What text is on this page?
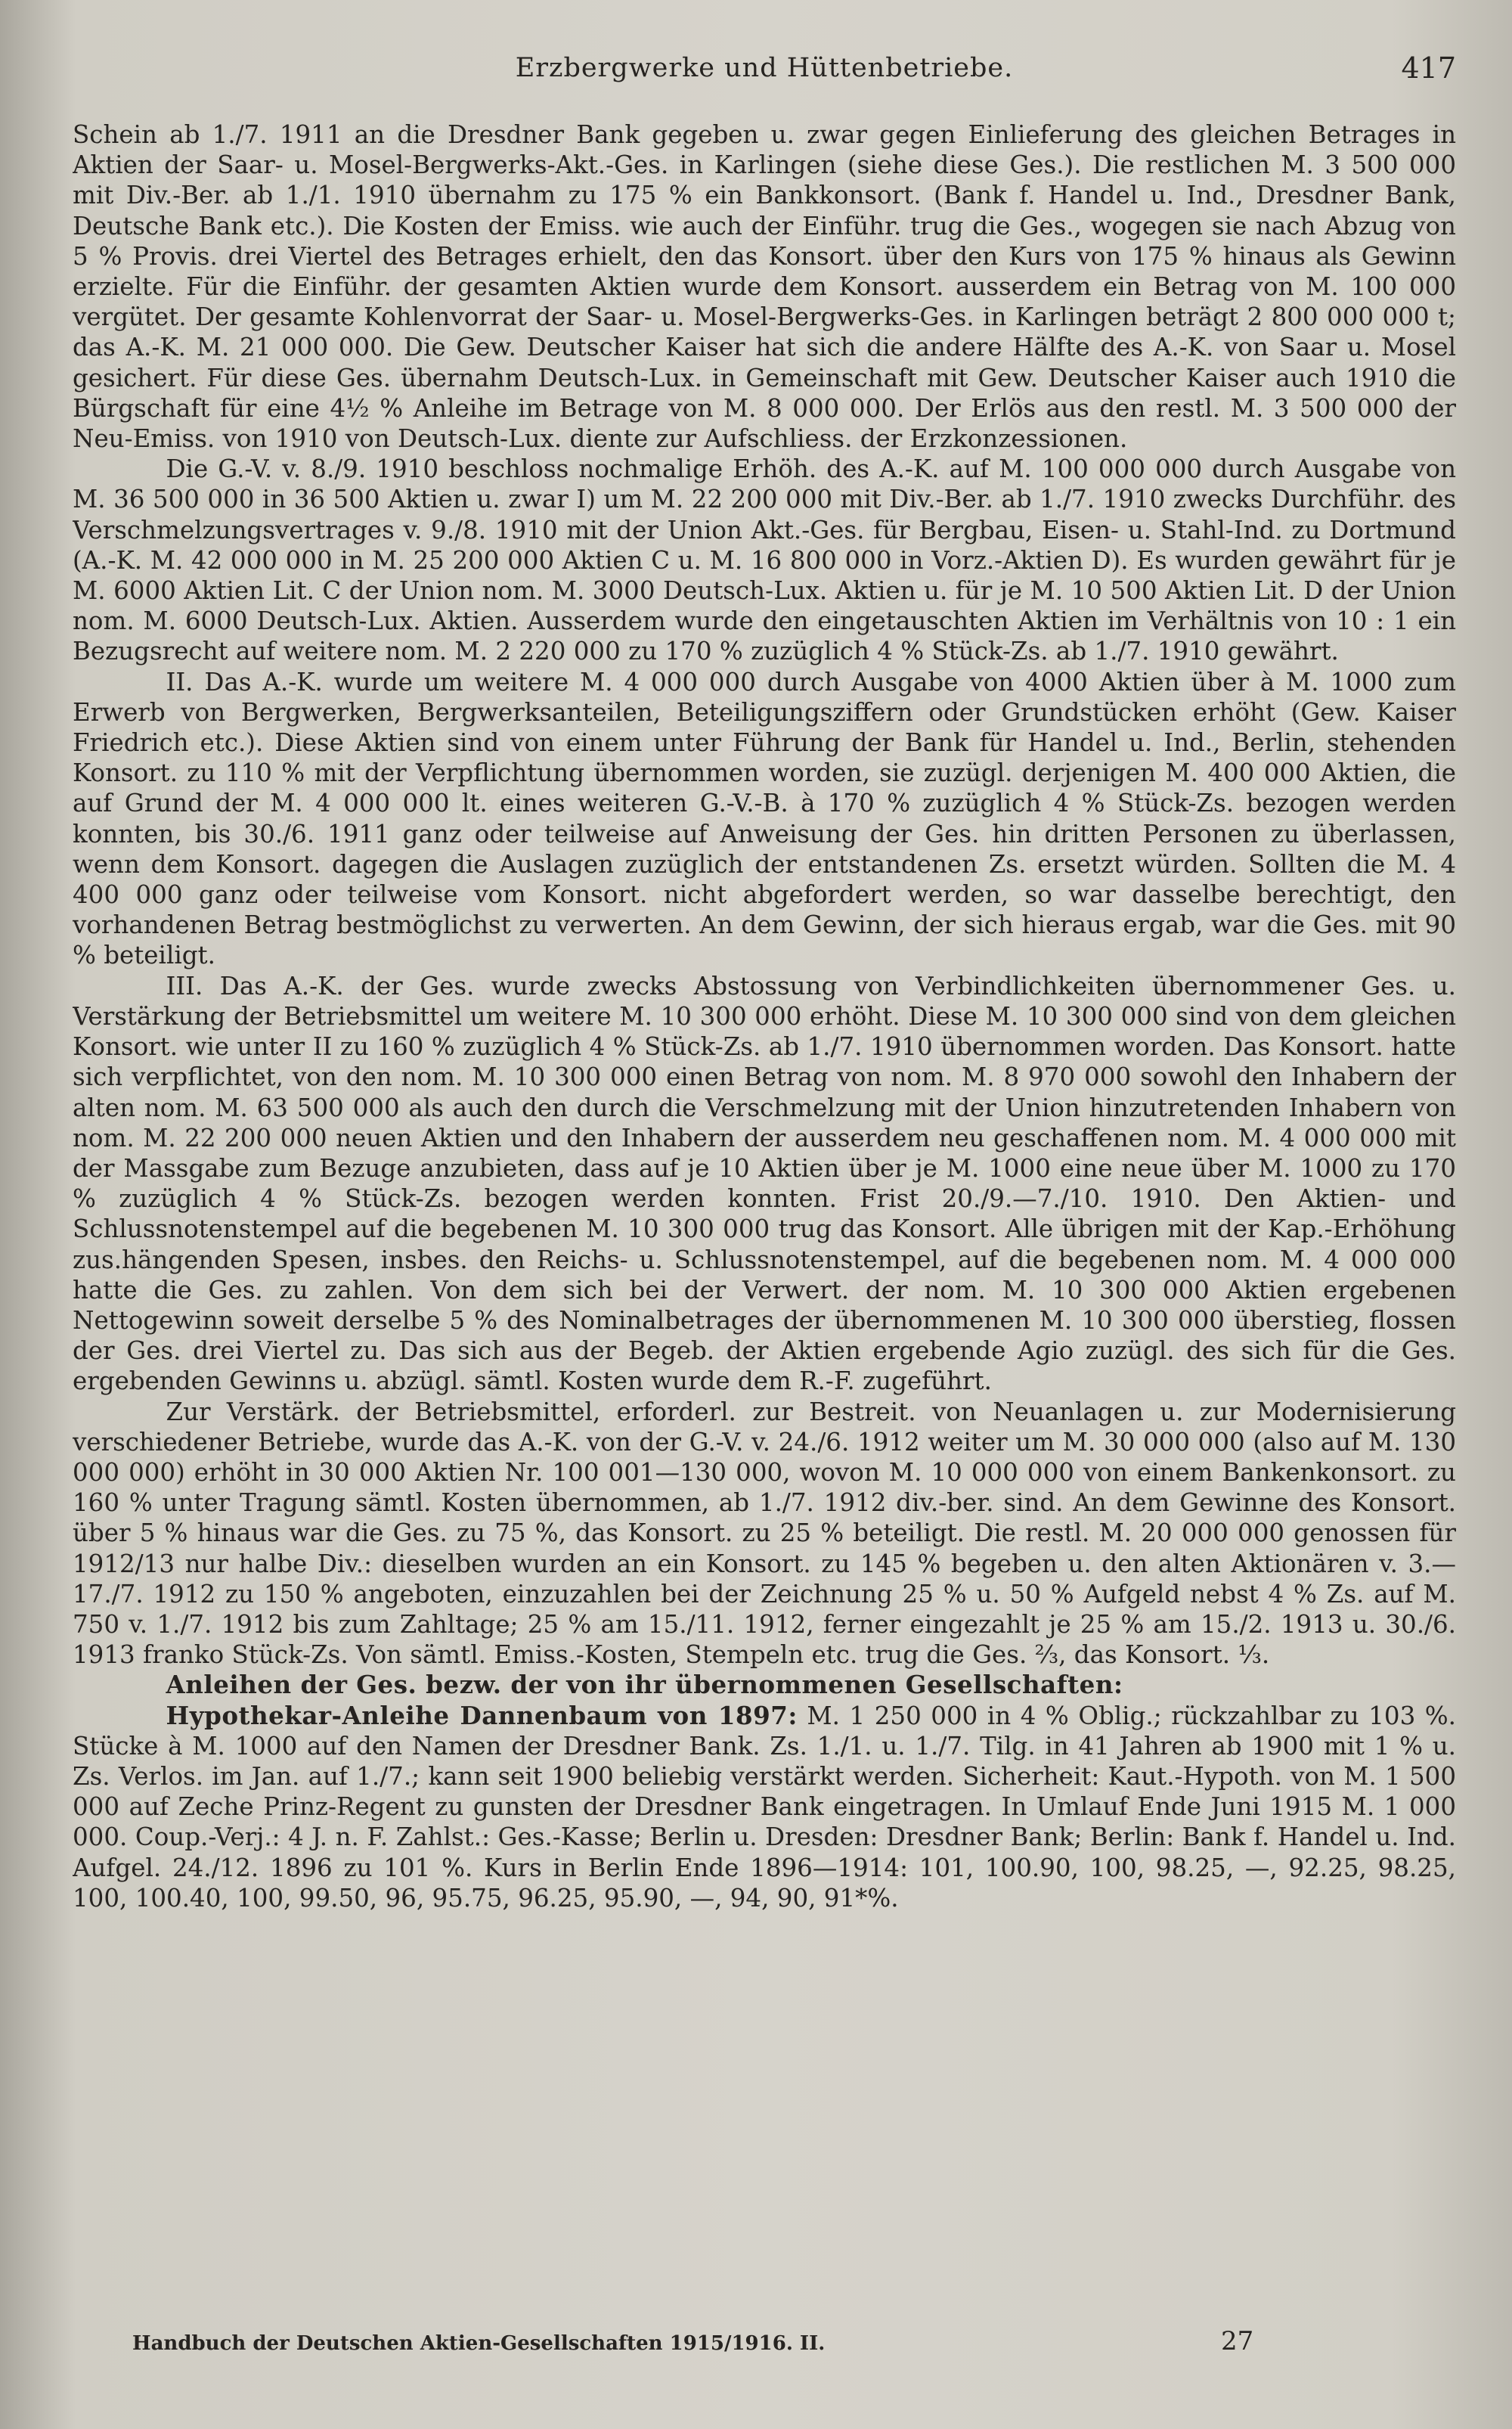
Erzbergwerke und Hüttenbetriebe.	417

Schein ab 1./7. 1911 an die Dresdner Bank gegeben u. zwar gegen Einlieferung des gleichen Betrages in Aktien der Saar- u. Mosel-Bergwerks-Akt.-Ges. in Karlingen (siehe diese Ges.). Die restlichen M. 3 500 000 mit Div.-Ber. ab 1./1. 1910 übernahm zu 175 % ein Bankkonsort. (Bank f. Handel u. Ind., Dresdner Bank, Deutsche Bank etc.). Die Kosten der Emiss. wie auch der Einführ. trug die Ges., wogegen sie nach Abzug von 5 % Provis. drei Viertel des Betrages erhielt, den das Konsort. über den Kurs von 175 % hinaus als Gewinn erzielte. Für die Einführ. der gesamten Aktien wurde dem Konsort. ausserdem ein Betrag von M. 100 000 vergütet. Der gesamte Kohlenvorrat der Saar- u. Mosel-Bergwerks-Ges. in Karlingen beträgt 2 800 000 000 t; das A.-K. M. 21 000 000. Die Gew. Deutscher Kaiser hat sich die andere Hälfte des A.-K. von Saar u. Mosel gesichert. Für diese Ges. übernahm Deutsch-Lux. in Gemeinschaft mit Gew. Deutscher Kaiser auch 1910 die Bürgschaft für eine 4½ % Anleihe im Betrage von M. 8 000 000. Der Erlös aus den restl. M. 3 500 000 der Neu-Emiss. von 1910 von Deutsch-Lux. diente zur Aufschliess. der Erzkonzessionen.

Die G.-V. v. 8./9. 1910 beschloss nochmalige Erhöh. des A.-K. auf M. 100 000 000 durch Ausgabe von M. 36 500 000 in 36 500 Aktien u. zwar I) um M. 22 200 000 mit Div.-Ber. ab 1./7. 1910 zwecks Durchführ. des Verschmelzungsvertrages v. 9./8. 1910 mit der Union Akt.-Ges. für Bergbau, Eisen- u. Stahl-Ind. zu Dortmund (A.-K. M. 42 000 000 in M. 25 200 000 Aktien C u. M. 16 800 000 in Vorz.-Aktien D). Es wurden gewährt für je M. 6000 Aktien Lit. C der Union nom. M. 3000 Deutsch-Lux. Aktien u. für je M. 10 500 Aktien Lit. D der Union nom. M. 6000 Deutsch-Lux. Aktien. Ausserdem wurde den eingetauschten Aktien im Verhältnis von 10 : 1 ein Bezugsrecht auf weitere nom. M. 2 220 000 zu 170 % zuzüglich 4 % Stück-Zs. ab 1./7. 1910 gewährt.

II. Das A.-K. wurde um weitere M. 4 000 000 durch Ausgabe von 4000 Aktien über à M. 1000 zum Erwerb von Bergwerken, Bergwerksanteilen, Beteiligungsziffern oder Grundstücken erhöht (Gew. Kaiser Friedrich etc.). Diese Aktien sind von einem unter Führung der Bank für Handel u. Ind., Berlin, stehenden Konsort. zu 110 % mit der Verpflichtung übernommen worden, sie zuzügl. derjenigen M. 400 000 Aktien, die auf Grund der M. 4 000 000 lt. eines weiteren G.-V.-B. à 170 % zuzüglich 4 % Stück-Zs. bezogen werden konnten, bis 30./6. 1911 ganz oder teilweise auf Anweisung der Ges. hin dritten Personen zu überlassen, wenn dem Konsort. dagegen die Auslagen zuzüglich der entstandenen Zs. ersetzt würden. Sollten die M. 4 400 000 ganz oder teilweise vom Konsort. nicht abgefordert werden, so war dasselbe berechtigt, den vorhandenen Betrag bestmöglichst zu verwerten. An dem Gewinn, der sich hieraus ergab, war die Ges. mit 90 % beteiligt.

III. Das A.-K. der Ges. wurde zwecks Abstossung von Verbindlichkeiten übernommener Ges. u. Verstärkung der Betriebsmittel um weitere M. 10 300 000 erhöht. Diese M. 10 300 000 sind von dem gleichen Konsort. wie unter II zu 160 % zuzüglich 4 % Stück-Zs. ab 1./7. 1910 übernommen worden. Das Konsort. hatte sich verpflichtet, von den nom. M. 10 300 000 einen Betrag von nom. M. 8 970 000 sowohl den Inhabern der alten nom. M. 63 500 000 als auch den durch die Verschmelzung mit der Union hinzutretenden Inhabern von nom. M. 22 200 000 neuen Aktien und den Inhabern der ausserdem neu geschaffenen nom. M. 4 000 000 mit der Massgabe zum Bezuge anzubieten, dass auf je 10 Aktien über je M. 1000 eine neue über M. 1000 zu 170 % zuzüglich 4 % Stück-Zs. bezogen werden konnten. Frist 20./9.—7./10. 1910. Den Aktien- und Schlussnotenstempel auf die begebenen M. 10 300 000 trug das Konsort. Alle übrigen mit der Kap.-Erhöhung zus.hängenden Spesen, insbes. den Reichs- u. Schlussnotenstempel, auf die begebenen nom. M. 4 000 000 hatte die Ges. zu zahlen. Von dem sich bei der Verwert. der nom. M. 10 300 000 Aktien ergebenen Nettogewinn soweit derselbe 5 % des Nominalbetrages der übernommenen M. 10 300 000 überstieg, flossen der Ges. drei Viertel zu. Das sich aus der Begeb. der Aktien ergebende Agio zuzügl. des sich für die Ges. ergebenden Gewinns u. abzügl. sämtl. Kosten wurde dem R.-F. zugeführt.

Zur Verstärk. der Betriebsmittel, erforderl. zur Bestreit. von Neuanlagen u. zur Modernisierung verschiedener Betriebe, wurde das A.-K. von der G.-V. v. 24./6. 1912 weiter um M. 30 000 000 (also auf M. 130 000 000) erhöht in 30 000 Aktien Nr. 100 001—130 000, wovon M. 10 000 000 von einem Bankenkonsort. zu 160 % unter Tragung sämtl. Kosten übernommen, ab 1./7. 1912 div.-ber. sind. An dem Gewinne des Konsort. über 5 % hinaus war die Ges. zu 75 %, das Konsort. zu 25 % beteiligt. Die restl. M. 20 000 000 genossen für 1912/13 nur halbe Div.: dieselben wurden an ein Konsort. zu 145 % begeben u. den alten Aktionären v. 3.—17./7. 1912 zu 150 % angeboten, einzuzahlen bei der Zeichnung 25 % u. 50 % Aufgeld nebst 4 % Zs. auf M. 750 v. 1./7. 1912 bis zum Zahltage; 25 % am 15./11. 1912, ferner eingezahlt je 25 % am 15./2. 1913 u. 30./6. 1913 franko Stück-Zs. Von sämtl. Emiss.-Kosten, Stempeln etc. trug die Ges. ⅔, das Konsort. ⅓.

Anleihen der Ges. bezw. der von ihr übernommenen Gesellschaften:

Hypothekar-Anleihe Dannenbaum von 1897: M. 1 250 000 in 4 % Oblig.; rückzahlbar zu 103 %. Stücke à M. 1000 auf den Namen der Dresdner Bank. Zs. 1./1. u. 1./7. Tilg. in 41 Jahren ab 1900 mit 1 % u. Zs. Verlos. im Jan. auf 1./7.; kann seit 1900 beliebig verstärkt werden. Sicherheit: Kaut.-Hypoth. von M. 1 500 000 auf Zeche Prinz-Regent zu gunsten der Dresdner Bank eingetragen. In Umlauf Ende Juni 1915 M. 1 000 000. Coup.-Verj.: 4 J. n. F. Zahlst.: Ges.-Kasse; Berlin u. Dresden: Dresdner Bank; Berlin: Bank f. Handel u. Ind. Aufgel. 24./12. 1896 zu 101 %. Kurs in Berlin Ende 1896—1914: 101, 100.90, 100, 98.25, —, 92.25, 98.25, 100, 100.40, 100, 99.50, 96, 95.75, 96.25, 95.90, —, 94, 90, 91*%.

Handbuch der Deutschen Aktien-Gesellschaften 1915/1916. II.	27
